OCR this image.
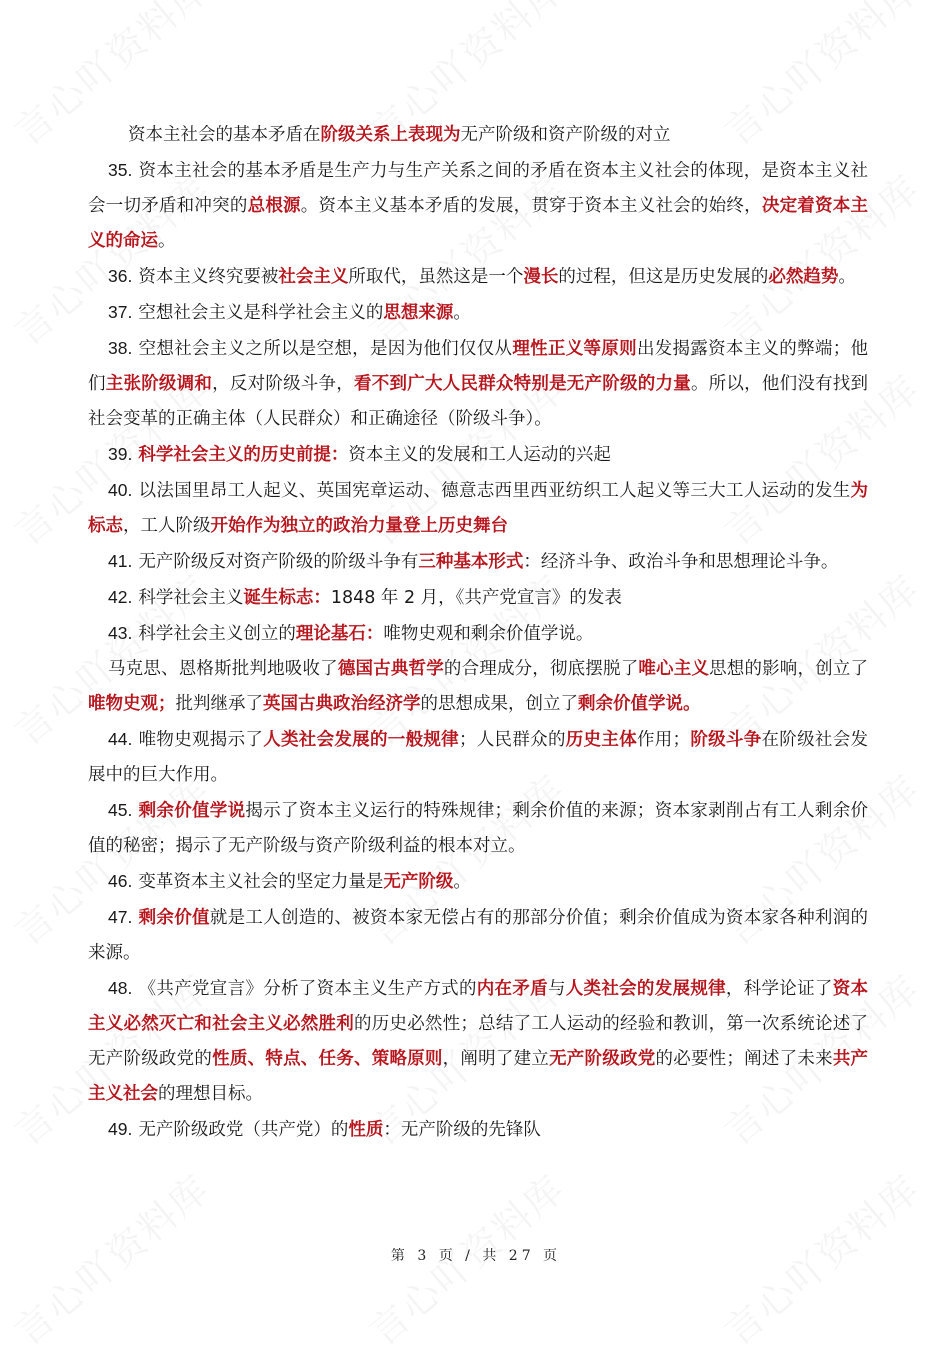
资本主社会的基本矛盾在阶级关系上表现为无产阶级和资产阶级的对立

35. 资本主社会的基本矛盾是生产力与生产关系之间的矛盾在资本主义社会的体现，是资本主义社会一切矛盾和冲突的总根源。资本主义基本矛盾的发展，贯穿于资本主义社会的始终，决定着资本主义的命运。

36. 资本主义终究要被社会主义所取代，虽然这是一个漫长的过程，但这是历史发展的必然趋势。

37. 空想社会主义是科学社会主义的思想来源。

38. 空想社会主义之所以是空想，是因为他们仅仅从理性正义等原则出发揭露资本主义的弊端；他们主张阶级调和，反对阶级斗争，看不到广大人民群众特别是无产阶级的力量。所以，他们没有找到社会变革的正确主体（人民群众）和正确途径（阶级斗争）。

39. 科学社会主义的历史前提：资本主义的发展和工人运动的兴起

40. 以法国里昂工人起义、英国宪章运动、德意志西里西亚纺织工人起义等三大工人运动的发生为标志，工人阶级开始作为独立的政治力量登上历史舞台

41. 无产阶级反对资产阶级的阶级斗争有三种基本形式：经济斗争、政治斗争和思想理论斗争。

42. 科学社会主义诞生标志：1848 年 2 月，《共产党宣言》的发表

43. 科学社会主义创立的理论基石：唯物史观和剩余价值学说。

马克思、恩格斯批判地吸收了德国古典哲学的合理成分，彻底摆脱了唯心主义思想的影响，创立了唯物史观；批判继承了英国古典政治经济学的思想成果，创立了剩余价值学说。

44. 唯物史观揭示了人类社会发展的一般规律；人民群众的历史主体作用；阶级斗争在阶级社会发展中的巨大作用。

45. 剩余价值学说揭示了资本主义运行的特殊规律；剩余价值的来源；资本家剥削占有工人剩余价值的秘密；揭示了无产阶级与资产阶级利益的根本对立。

46. 变革资本主义社会的坚定力量是无产阶级。

47. 剩余价值就是工人创造的、被资本家无偿占有的那部分价值；剩余价值成为资本家各种利润的来源。

48. 《共产党宣言》分析了资本主义生产方式的内在矛盾与人类社会的发展规律，科学论证了资本主义必然灭亡和社会主义必然胜利的历史必然性；总结了工人运动的经验和教训，第一次系统论述了无产阶级政党的性质、特点、任务、策略原则，阐明了建立无产阶级政党的必要性；阐述了未来共产主义社会的理想目标。

49. 无产阶级政党（共产党）的性质：无产阶级的先锋队

第 3 页 / 共 27 页
